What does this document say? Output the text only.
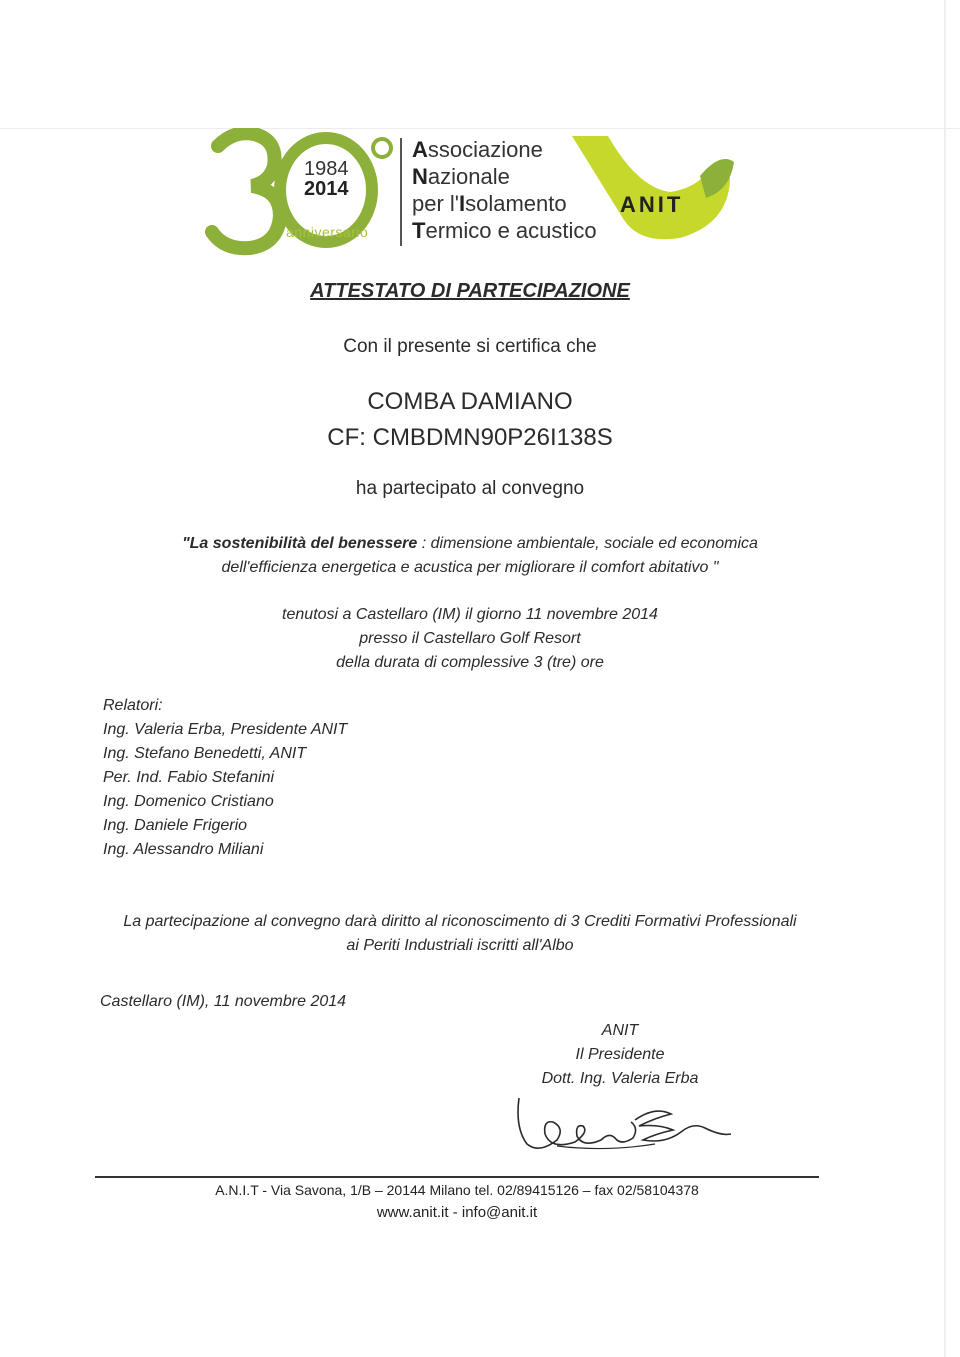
1984
2014
anniversario
Associazione
Nazionale
per l'Isolamento
Termico e acustico
ANIT
ATTESTATO DI PARTECIPAZIONE
Con il presente si certifica che
COMBA DAMIANO
CF: CMBDMN90P26I138S
ha partecipato al convegno
"La sostenibilità del benessere : dimensione ambientale, sociale ed economica
dell'efficienza energetica e acustica per migliorare il comfort abitativo "
tenutosi a Castellaro (IM) il giorno 11 novembre 2014
presso il Castellaro Golf Resort
della durata di complessive 3 (tre) ore
Relatori:
Ing. Valeria Erba, Presidente ANIT
Ing. Stefano Benedetti, ANIT
Per. Ind. Fabio Stefanini
Ing. Domenico Cristiano
Ing. Daniele Frigerio
Ing. Alessandro Miliani
La partecipazione al convegno darà diritto al riconoscimento di 3 Crediti Formativi Professionali
ai Periti Industriali iscritti all'Albo
Castellaro (IM), 11 novembre 2014
ANIT
Il Presidente
Dott. Ing. Valeria Erba
A.N.I.T - Via Savona, 1/B – 20144 Milano tel. 02/89415126 – fax 02/58104378
www.anit.it - info@anit.it
